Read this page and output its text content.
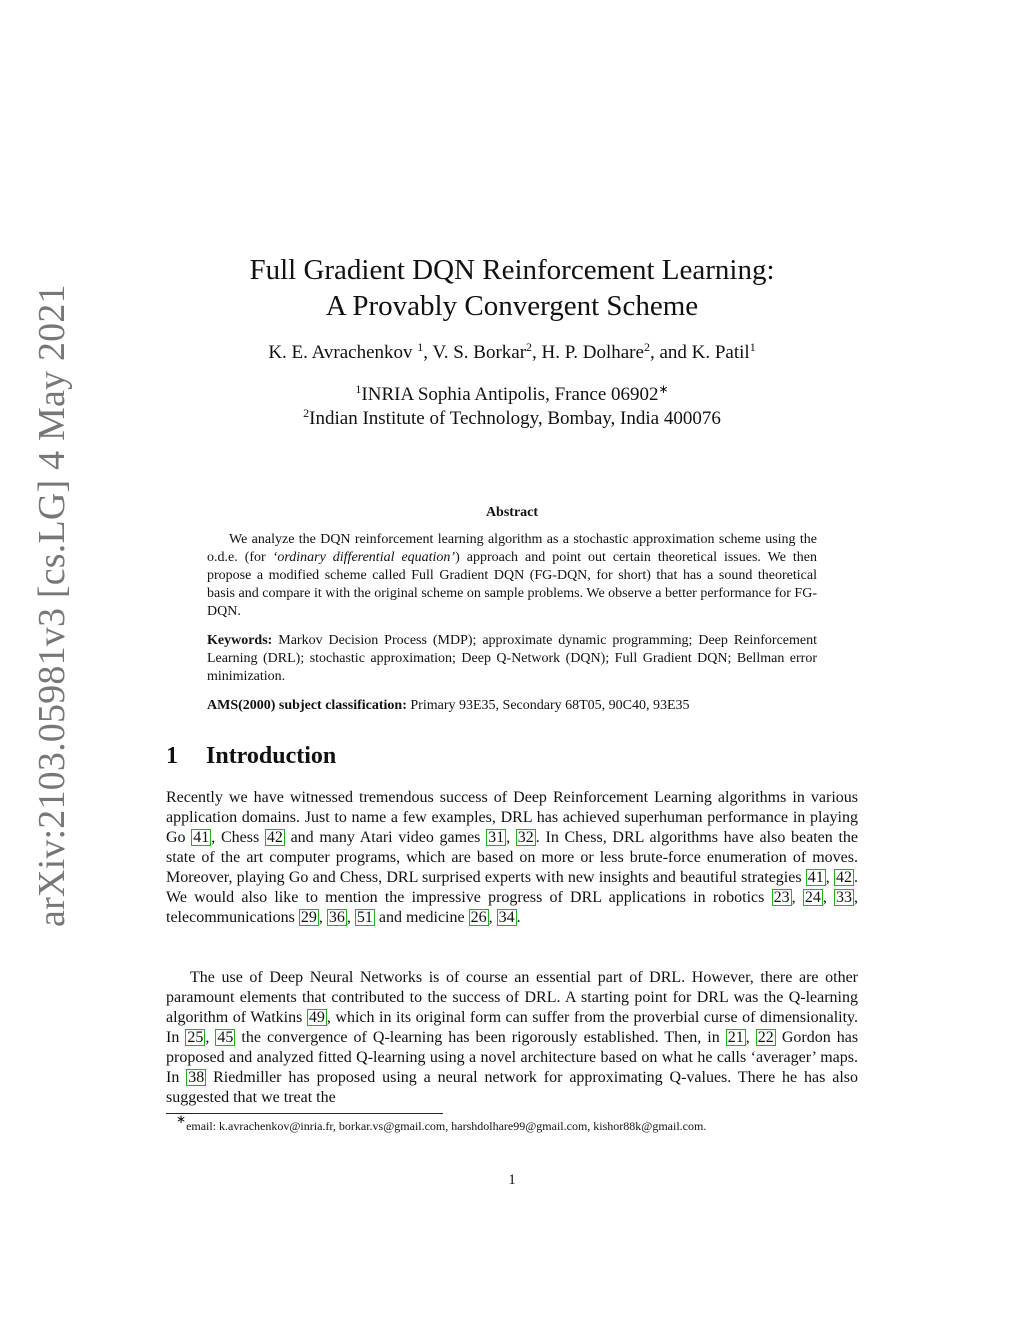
arXiv:2103.05981v3 [cs.LG] 4 May 2021
Full Gradient DQN Reinforcement Learning:
A Provably Convergent Scheme
K. E. Avrachenkov $^1$, V. S. Borkar$^2$, H. P. Dolhare$^2$, and K. Patil$^1$
$^1$INRIA Sophia Antipolis, France 06902∗
$^2$Indian Institute of Technology, Bombay, India 400076
Abstract
We analyze the DQN reinforcement learning algorithm as a stochastic approximation scheme using the o.d.e. (for ‘ordinary differential equation’) approach and point out certain theoretical issues. We then propose a modified scheme called Full Gradient DQN (FG-DQN, for short) that has a sound theoretical basis and compare it with the original scheme on sample problems. We observe a better performance for FG-DQN.
Keywords: Markov Decision Process (MDP); approximate dynamic programming; Deep Reinforcement Learning (DRL); stochastic approximation; Deep Q-Network (DQN); Full Gradient DQN; Bellman error minimization.
AMS(2000) subject classification: Primary 93E35, Secondary 68T05, 90C40, 93E35
1 Introduction
Recently we have witnessed tremendous success of Deep Reinforcement Learning algorithms in various application domains. Just to name a few examples, DRL has achieved superhuman performance in playing Go 41 , Chess 42 and many Atari video games 31 , 32 . In Chess, DRL algorithms have also beaten the state of the art computer programs, which are based on more or less brute-force enumeration of moves. Moreover, playing Go and Chess, DRL surprised experts with new insights and beautiful strategies 41 , 42 . We would also like to mention the impressive progress of DRL applications in robotics 23 , 24 , 33 , telecommunications 29 , 36 , 51 and medicine 26 , 34 .
The use of Deep Neural Networks is of course an essential part of DRL. However, there are other paramount elements that contributed to the success of DRL. A starting point for DRL was the Q-learning algorithm of Watkins 49 , which in its original form can suffer from the proverbial curse of dimensionality. In 25 , 45 the convergence of Q-learning has been rigorously established. Then, in 21 , 22 Gordon has proposed and analyzed fitted Q-learning using a novel architecture based on what he calls ‘averager’ maps. In 38 Riedmiller has proposed using a neural network for approximating Q-values. There he has also suggested that we treat the
∗email: k.avrachenkov@inria.fr, borkar.vs@gmail.com, harshdolhare99@gmail.com, kishor88k@gmail.com.
1
